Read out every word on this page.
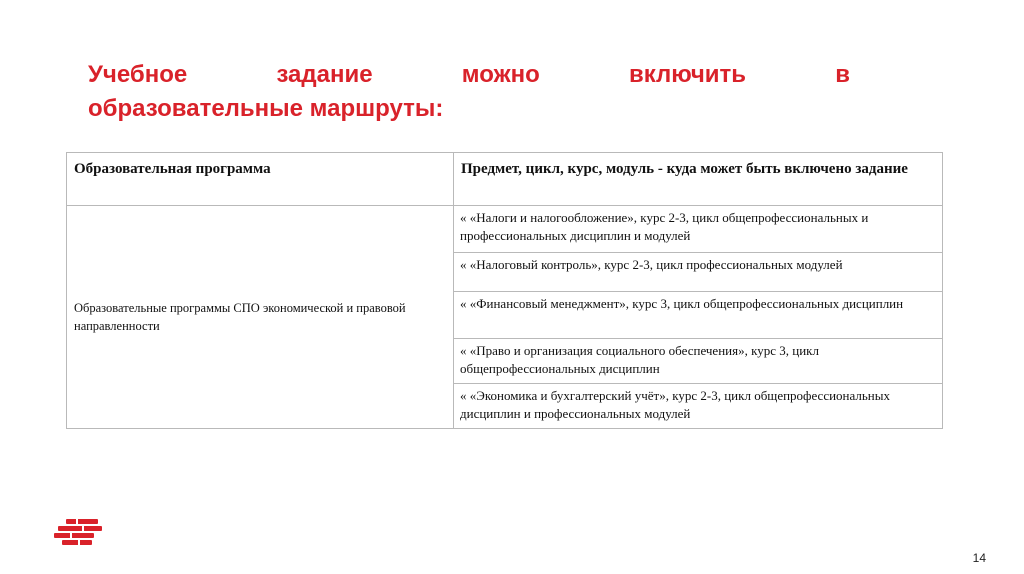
Учебное	задание	можно	включить	в
образовательные маршруты:
Образовательная программа	Предмет, цикл, курс, модуль - куда может быть включено задание
Образовательные программы СПО экономической и правовой направленности	« «Налоги и налогообложение», курс 2-3, цикл общепрофессиональных и профессиональных дисциплин и модулей
	« «Налоговый контроль», курс 2-3, цикл профессиональных модулей
	« «Финансовый менеджмент», курс 3, цикл общепрофессиональных дисциплин
	« «Право и организация социального обеспечения», курс 3, цикл общепрофессиональных дисциплин
	« «Экономика и бухгалтерский учёт», курс 2-3, цикл общепрофессиональных дисциплин и профессиональных модулей
14
